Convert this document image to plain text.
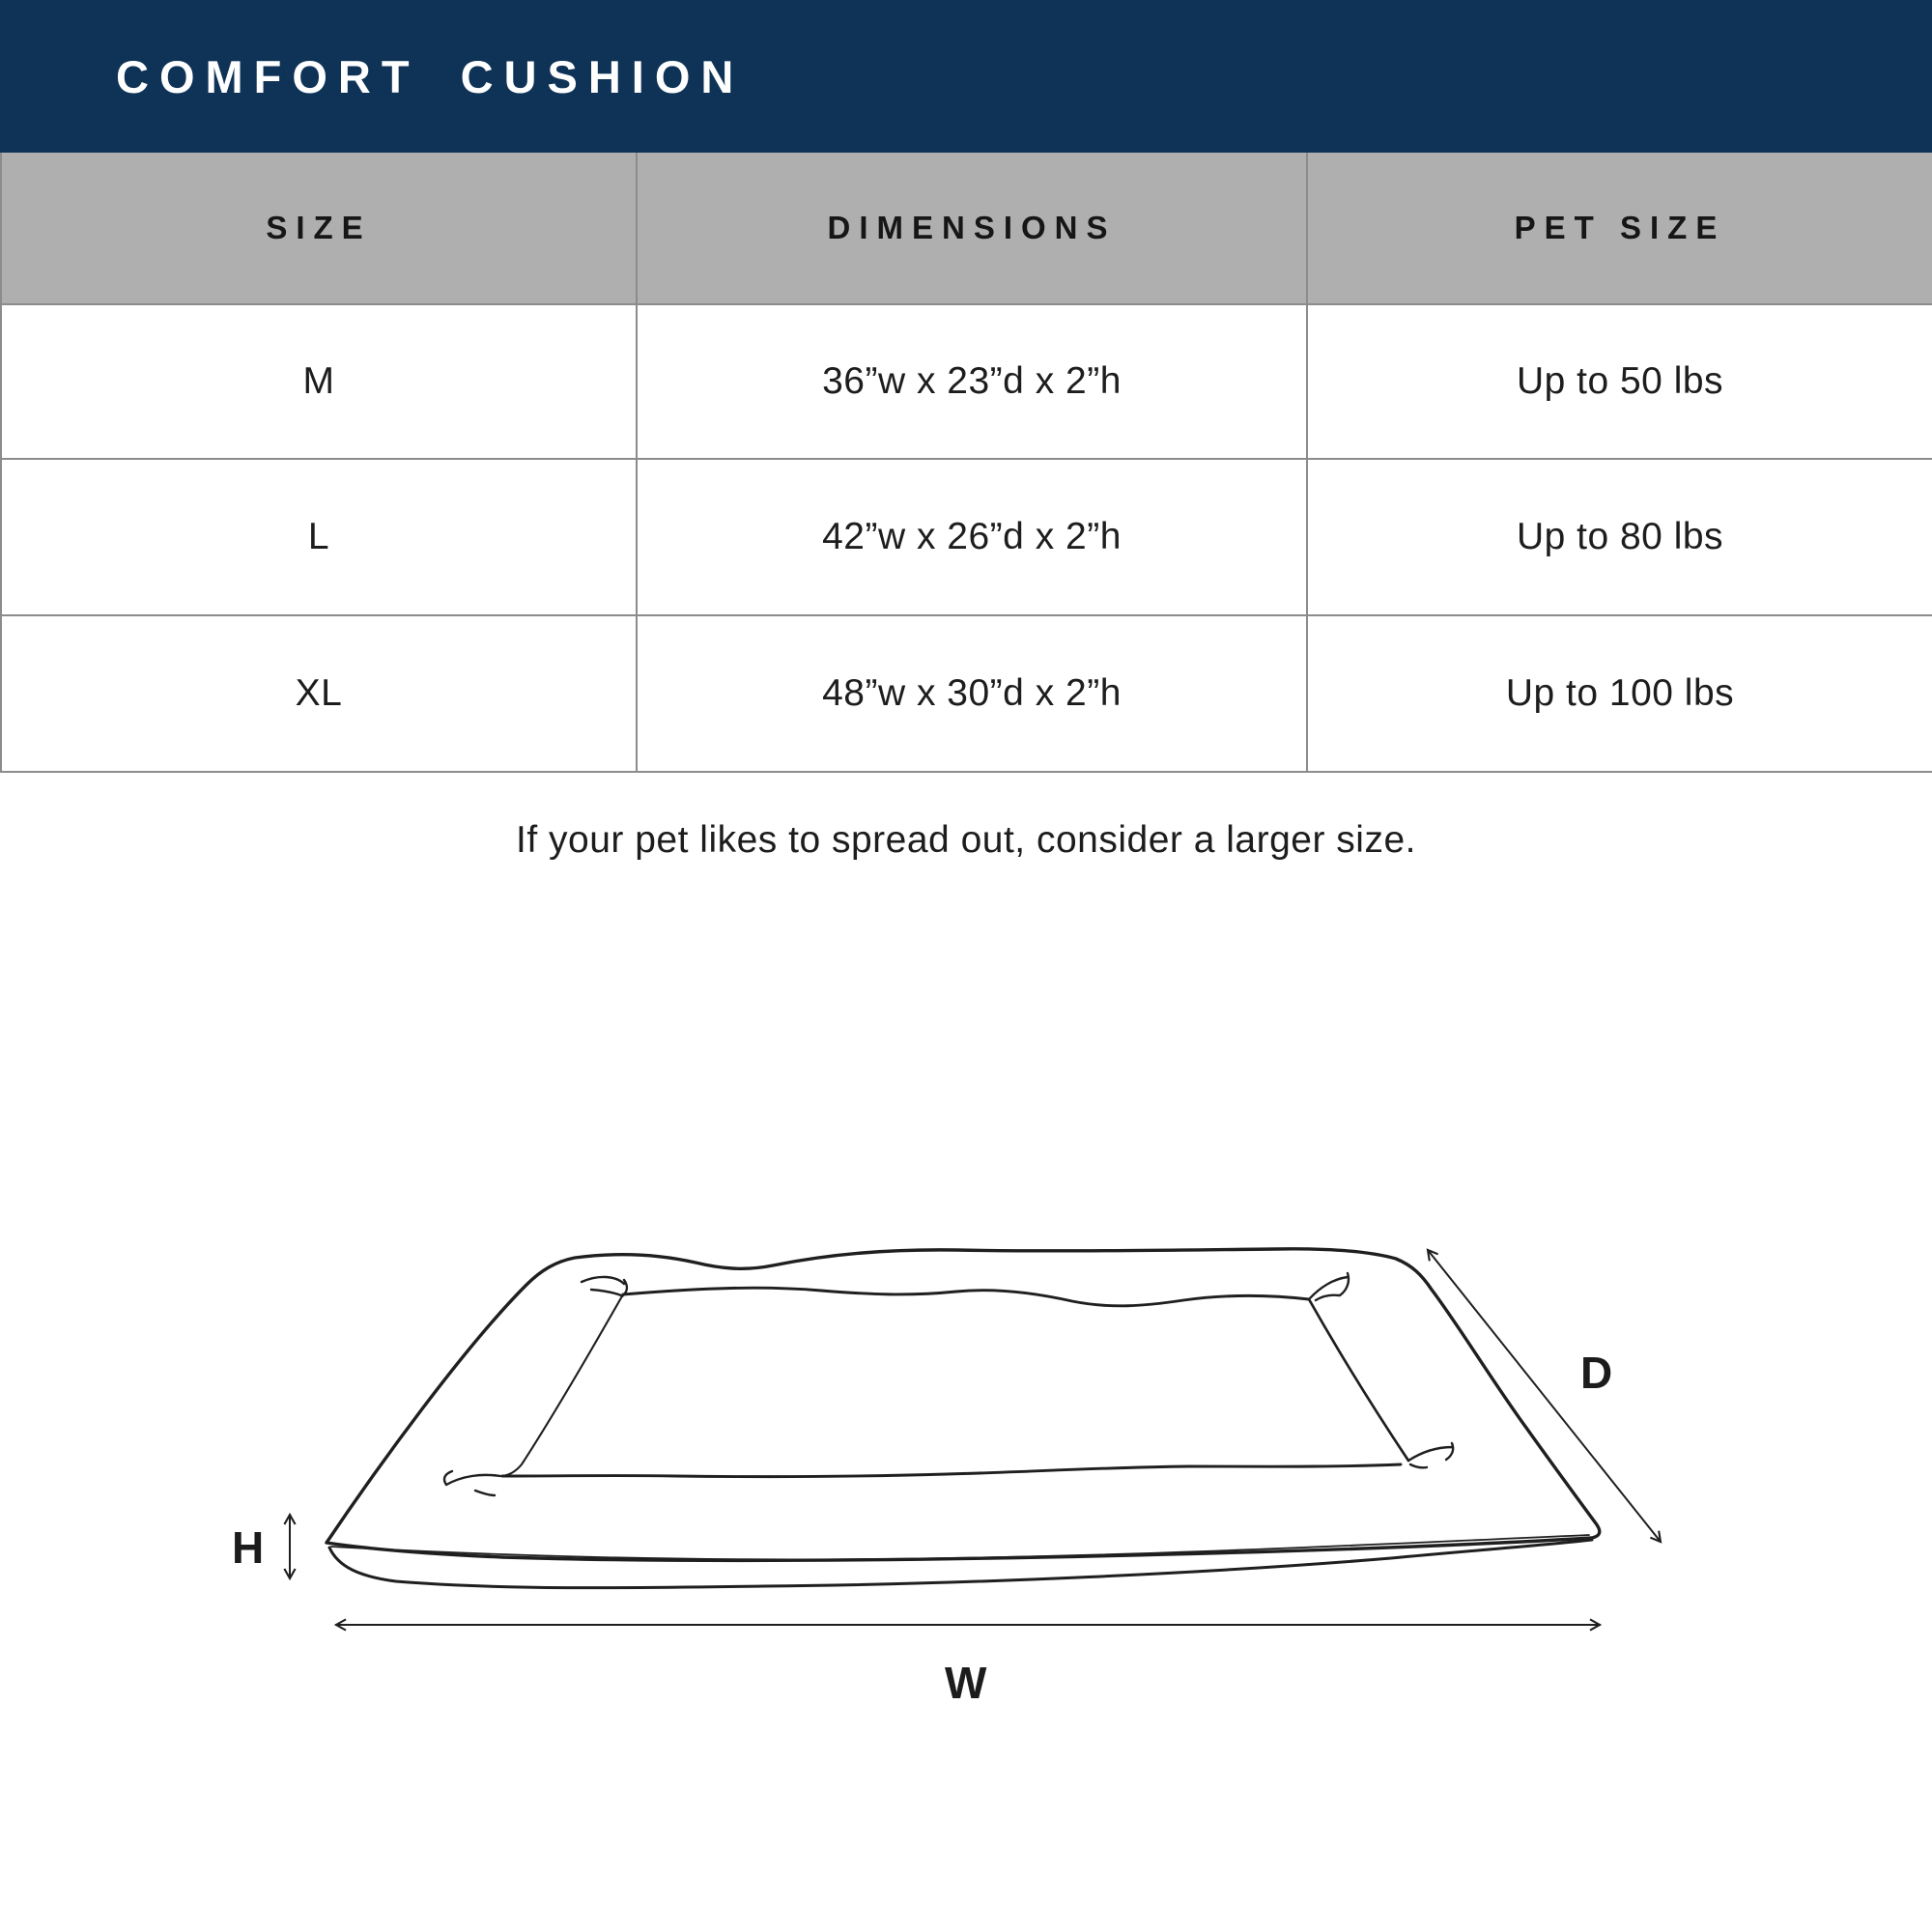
COMFORT CUSHION
SIZE	DIMENSIONS	PET SIZE
M	36”w x 23”d x 2”h	Up to 50 lbs
L	42”w x 26”d x 2”h	Up to 80 lbs
XL	48”w x 30”d x 2”h	Up to 100 lbs

If your pet likes to spread out, consider a larger size.

D
H
W
